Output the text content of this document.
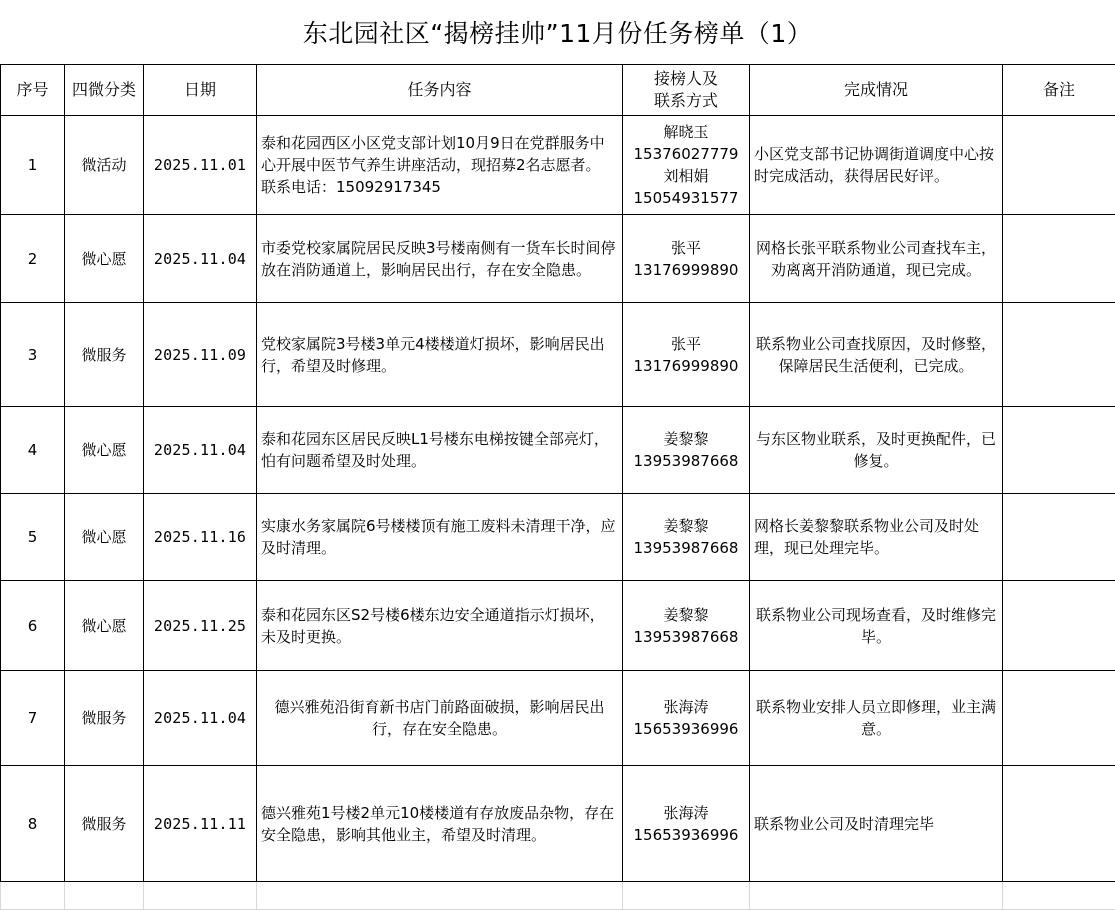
东北园社区“揭榜挂帅”11月份任务榜单（1）
序号	四微分类	日期	任务内容	接榜人及
联系方式	完成情况	备注
1	微活动	2025.11.01	泰和花园西区小区党支部计划10月9日在党群服务中心开展中医节气养生讲座活动，现招募2名志愿者。
联系电话：15092917345	解晓玉
15376027779
刘相娟
15054931577	小区党支部书记协调街道调度中心按时完成活动，获得居民好评。	

2	微心愿	2025.11.04	市委党校家属院居民反映3号楼南侧有一货车长时间停放在消防通道上，影响居民出行，存在安全隐患。	张平
13176999890	网格长张平联系物业公司查找车主，劝离离开消防通道，现已完成。	

3	微服务	2025.11.09	党校家属院3号楼3单元4楼楼道灯损坏，影响居民出行，希望及时修理。	张平
13176999890	联系物业公司查找原因，及时修整，保障居民生活便利，已完成。	

4	微心愿	2025.11.04	泰和花园东区居民反映L1号楼东电梯按键全部亮灯，怕有问题希望及时处理。	姜黎黎
13953987668	与东区物业联系，及时更换配件，已修复。	

5	微心愿	2025.11.16	实康水务家属院6号楼楼顶有施工废料未清理干净，应及时清理。	姜黎黎
13953987668	网格长姜黎黎联系物业公司及时处理，现已处理完毕。	

6	微心愿	2025.11.25	泰和花园东区S2号楼6楼东边安全通道指示灯损坏，未及时更换。	姜黎黎
13953987668	联系物业公司现场查看，及时维修完毕。	

7	微服务	2025.11.04	德兴雅苑沿街育新书店门前路面破损，影响居民出行，存在安全隐患。	张海涛
15653936996	联系物业安排人员立即修理，业主满意。	

8	微服务	2025.11.11	德兴雅苑1号楼2单元10楼楼道有存放废品杂物，存在安全隐患，影响其他业主，希望及时清理。	张海涛
15653936996	联系物业公司及时清理完毕	
